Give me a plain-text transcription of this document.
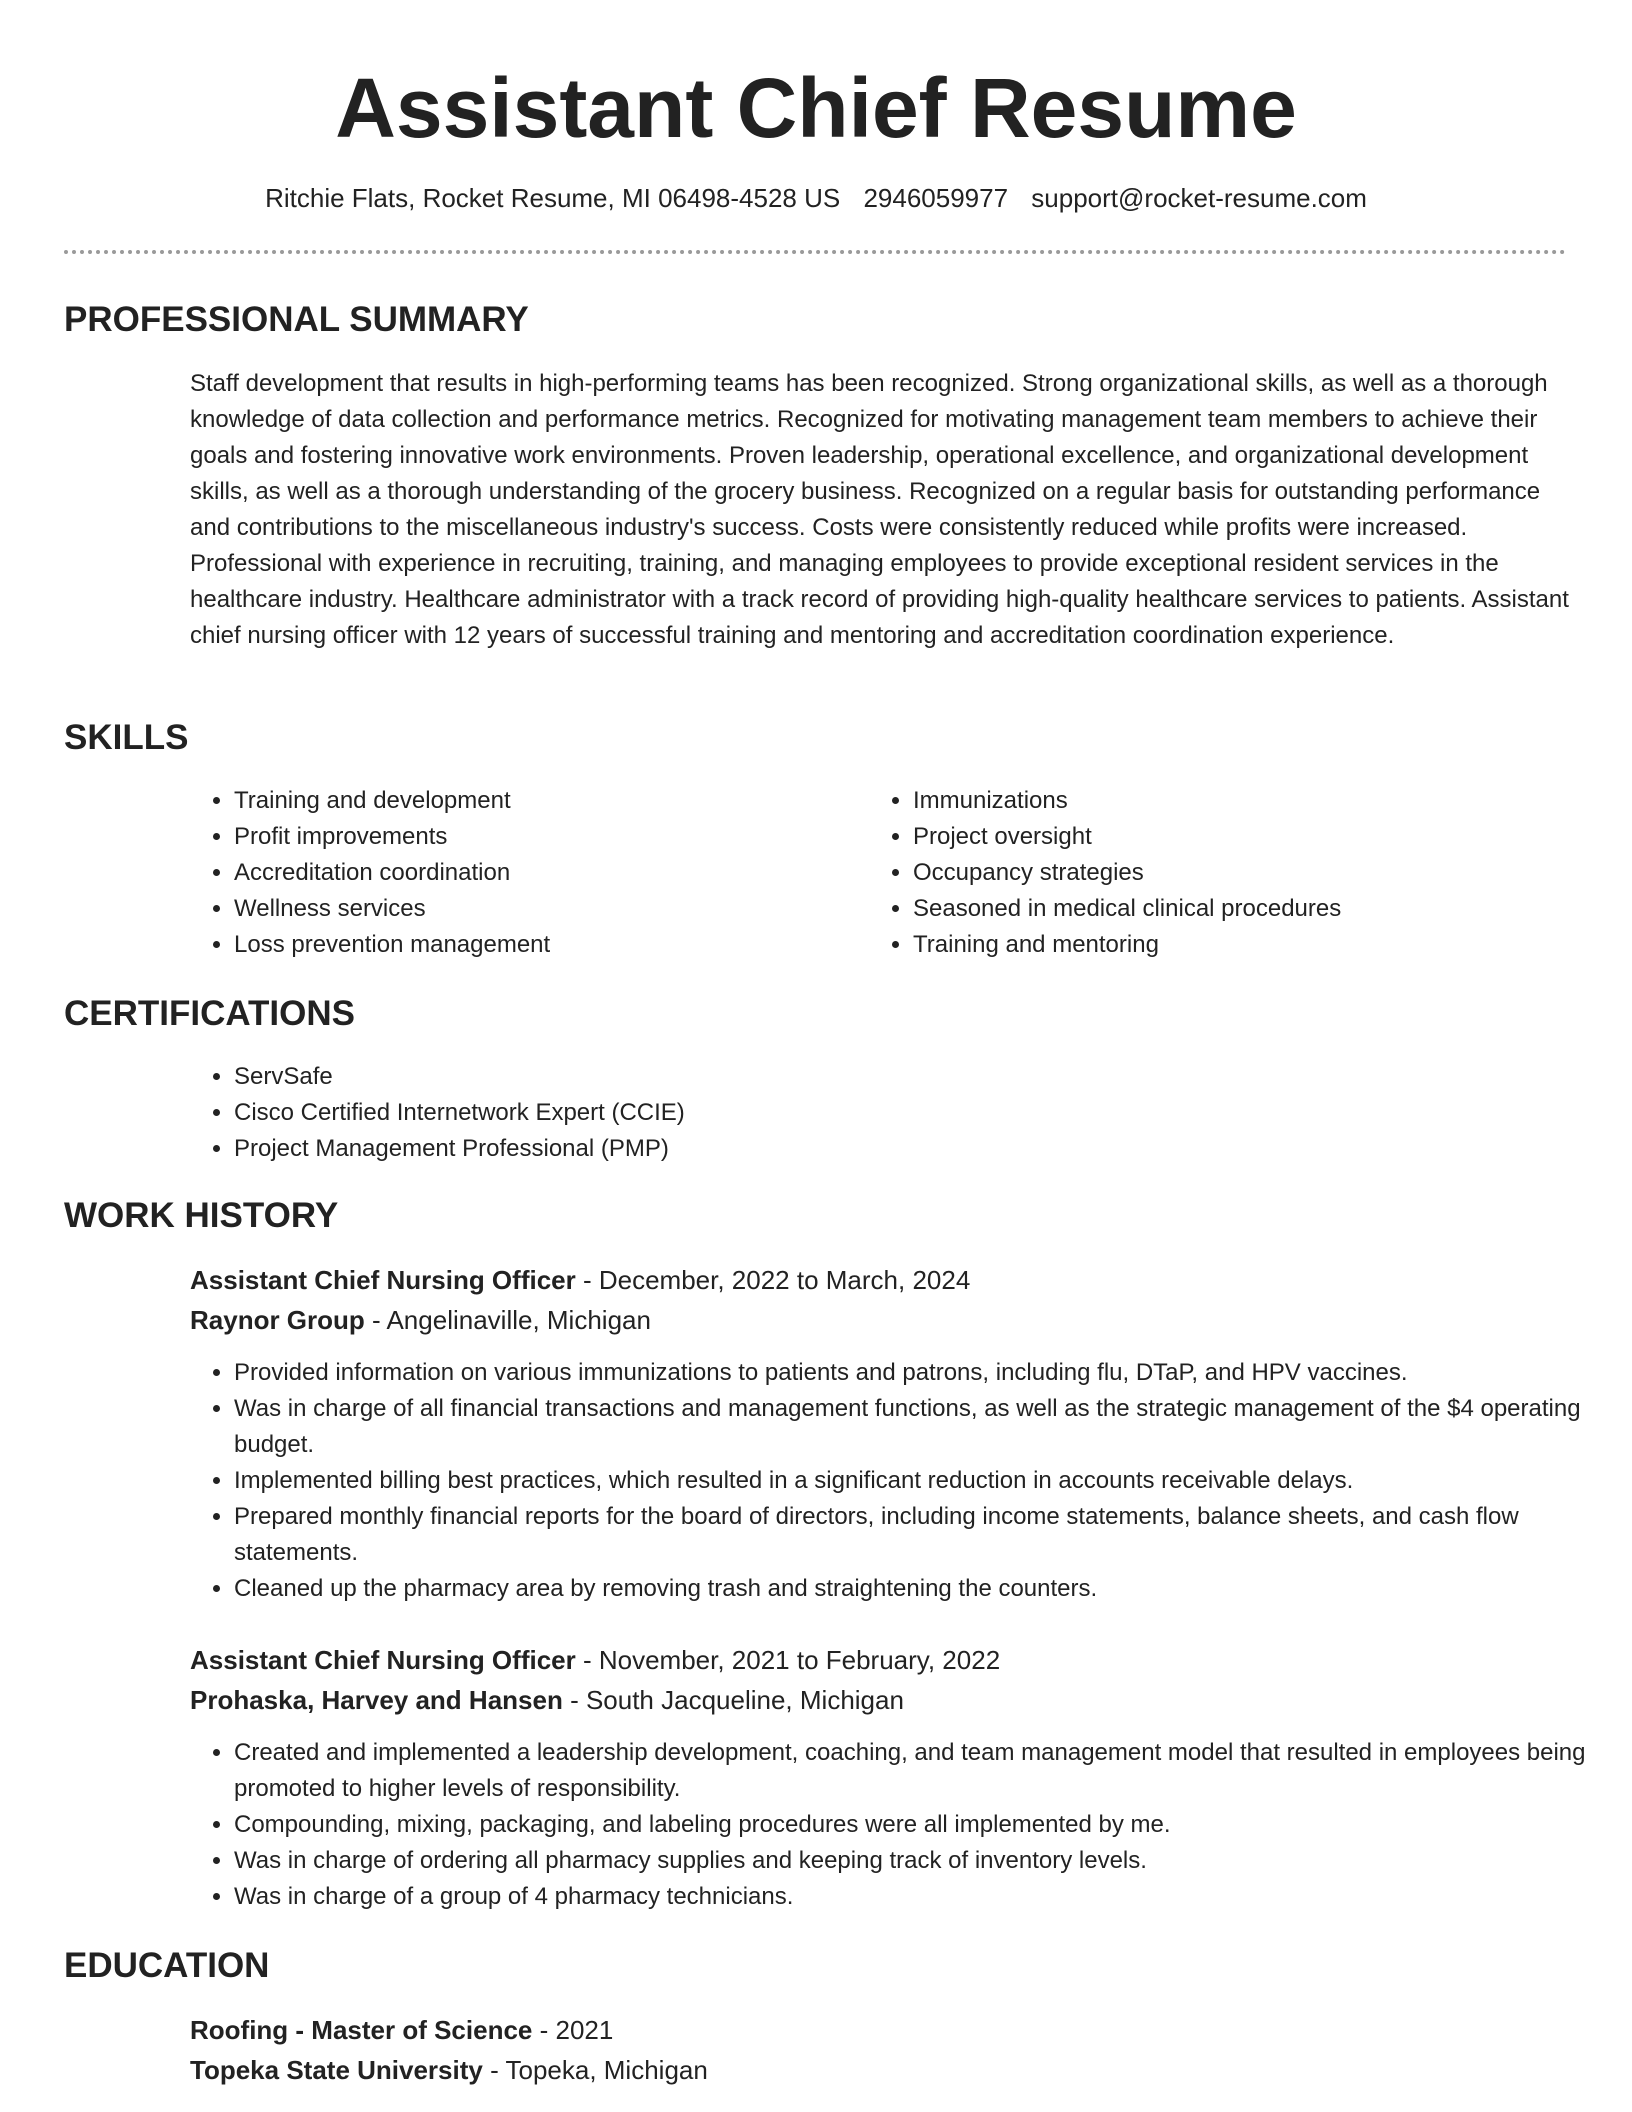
Assistant Chief Resume
Ritchie Flats, Rocket Resume, MI 06498-4528 US 2946059977 support@rocket-resume.com
PROFESSIONAL SUMMARY

Staff development that results in high-performing teams has been recognized. Strong organizational skills, as well as a thorough knowledge of data collection and performance metrics. Recognized for motivating management team members to achieve their goals and fostering innovative work environments. Proven leadership, operational excellence, and organizational development skills, as well as a thorough understanding of the grocery business. Recognized on a regular basis for outstanding performance and contributions to the miscellaneous industry's success. Costs were consistently reduced while profits were increased. Professional with experience in recruiting, training, and managing employees to provide exceptional resident services in the healthcare industry. Healthcare administrator with a track record of providing high-quality healthcare services to patients. Assistant chief nursing officer with 12 years of successful training and mentoring and accreditation coordination experience.

SKILLS
• Training and development
• Profit improvements
• Accreditation coordination
• Wellness services
• Loss prevention management
• Immunizations
• Project oversight
• Occupancy strategies
• Seasoned in medical clinical procedures
• Training and mentoring
CERTIFICATIONS
• ServSafe
• Cisco Certified Internetwork Expert (CCIE)
• Project Management Professional (PMP)
WORK HISTORY
Assistant Chief Nursing Officer - December, 2022 to March, 2024
Raynor Group - Angelinaville, Michigan
• Provided information on various immunizations to patients and patrons, including flu, DTaP, and HPV vaccines.
• Was in charge of all financial transactions and management functions, as well as the strategic management of the $4 operating budget.
• Implemented billing best practices, which resulted in a significant reduction in accounts receivable delays.
• Prepared monthly financial reports for the board of directors, including income statements, balance sheets, and cash flow statements.
• Cleaned up the pharmacy area by removing trash and straightening the counters.
Assistant Chief Nursing Officer - November, 2021 to February, 2022
Prohaska, Harvey and Hansen - South Jacqueline, Michigan
• Created and implemented a leadership development, coaching, and team management model that resulted in employees being promoted to higher levels of responsibility.
• Compounding, mixing, packaging, and labeling procedures were all implemented by me.
• Was in charge of ordering all pharmacy supplies and keeping track of inventory levels.
• Was in charge of a group of 4 pharmacy technicians.
EDUCATION
Roofing - Master of Science - 2021
Topeka State University - Topeka, Michigan
